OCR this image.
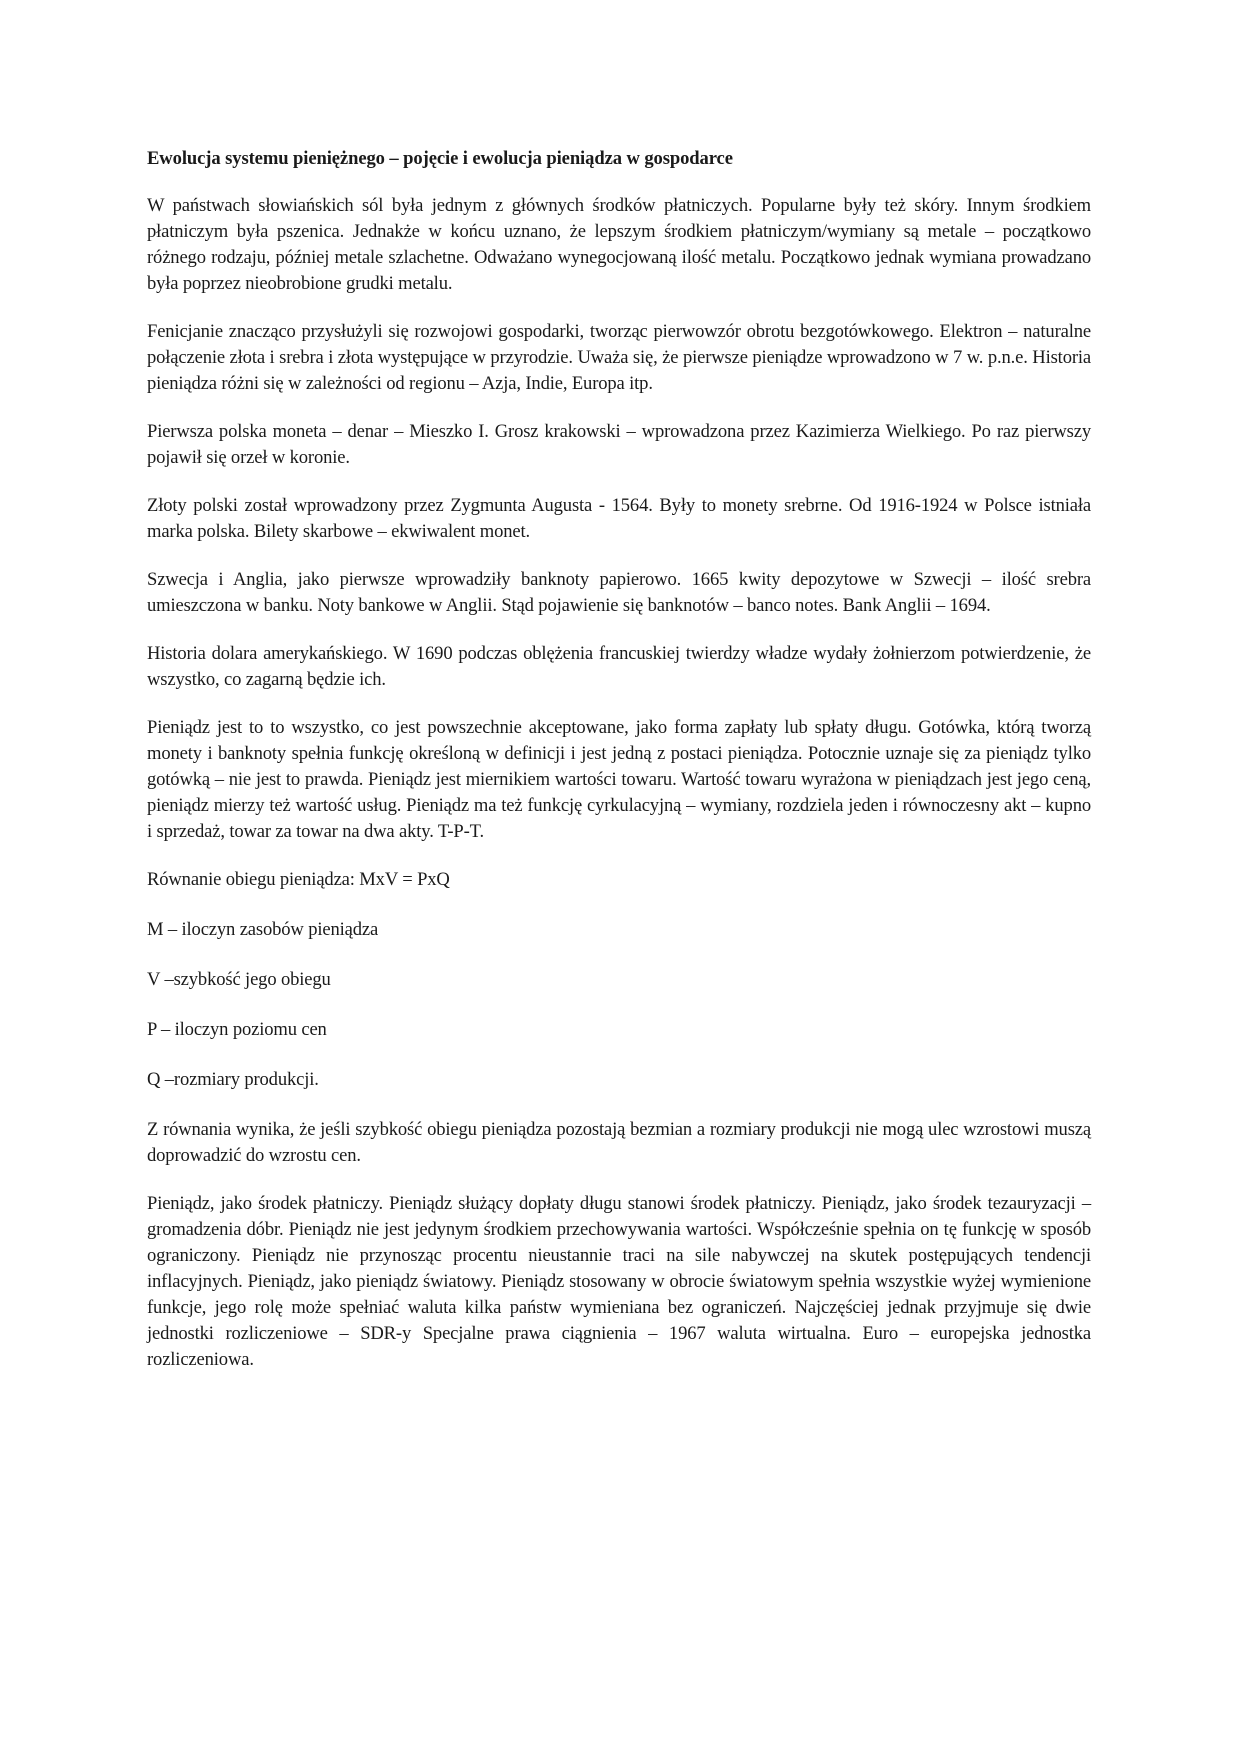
Ewolucja systemu pieniężnego – pojęcie i ewolucja pieniądza w gospodarce

W państwach słowiańskich sól była jednym z głównych środków płatniczych. Popularne były też skóry. Innym środkiem płatniczym była pszenica. Jednakże w końcu uznano, że lepszym środkiem płatniczym/wymiany są metale – początkowo różnego rodzaju, później metale szlachetne. Odważano wynegocjowaną ilość metalu. Początkowo jednak wymiana prowadzano była poprzez nieobrobione grudki metalu.

Fenicjanie znacząco przysłużyli się rozwojowi gospodarki, tworząc pierwowzór obrotu bezgotówkowego. Elektron – naturalne połączenie złota i srebra i złota występujące w przyrodzie. Uważa się, że pierwsze pieniądze wprowadzono w 7 w. p.n.e. Historia pieniądza różni się w zależności od regionu – Azja, Indie, Europa itp.

Pierwsza polska moneta – denar – Mieszko I. Grosz krakowski – wprowadzona przez Kazimierza Wielkiego. Po raz pierwszy pojawił się orzeł w koronie.

Złoty polski został wprowadzony przez Zygmunta Augusta - 1564. Były to monety srebrne. Od 1916-1924 w Polsce istniała marka polska. Bilety skarbowe – ekwiwalent monet.

Szwecja i Anglia, jako pierwsze wprowadziły banknoty papierowo. 1665 kwity depozytowe w Szwecji – ilość srebra umieszczona w banku. Noty bankowe w Anglii. Stąd pojawienie się banknotów – banco notes. Bank Anglii – 1694.

Historia dolara amerykańskiego. W 1690 podczas oblężenia francuskiej twierdzy władze wydały żołnierzom potwierdzenie, że wszystko, co zagarną będzie ich.

Pieniądz jest to to wszystko, co jest powszechnie akceptowane, jako forma zapłaty lub spłaty długu. Gotówka, którą tworzą monety i banknoty spełnia funkcję określoną w definicji i jest jedną z postaci pieniądza. Potocznie uznaje się za pieniądz tylko gotówką – nie jest to prawda. Pieniądz jest miernikiem wartości towaru. Wartość towaru wyrażona w pieniądzach jest jego ceną, pieniądz mierzy też wartość usług. Pieniądz ma też funkcję cyrkulacyjną – wymiany, rozdziela jeden i równoczesny akt – kupno i sprzedaż, towar za towar na dwa akty. T-P-T.

Równanie obiegu pieniądza: MxV = PxQ

M – iloczyn zasobów pieniądza

V –szybkość jego obiegu

P – iloczyn poziomu cen

Q –rozmiary produkcji.

Z równania wynika, że jeśli szybkość obiegu pieniądza pozostają bezmian a rozmiary produkcji nie mogą ulec wzrostowi muszą doprowadzić do wzrostu cen.

Pieniądz, jako środek płatniczy. Pieniądz służący dopłaty długu stanowi środek płatniczy. Pieniądz, jako środek tezauryzacji – gromadzenia dóbr. Pieniądz nie jest jedynym środkiem przechowywania wartości. Współcześnie spełnia on tę funkcję w sposób ograniczony. Pieniądz nie przynosząc procentu nieustannie traci na sile nabywczej na skutek postępujących tendencji inflacyjnych. Pieniądz, jako pieniądz światowy. Pieniądz stosowany w obrocie światowym spełnia wszystkie wyżej wymienione funkcje, jego rolę może spełniać waluta kilka państw wymieniana bez ograniczeń. Najczęściej jednak przyjmuje się dwie jednostki rozliczeniowe – SDR-y Specjalne prawa ciągnienia – 1967 waluta wirtualna. Euro – europejska jednostka rozliczeniowa.
